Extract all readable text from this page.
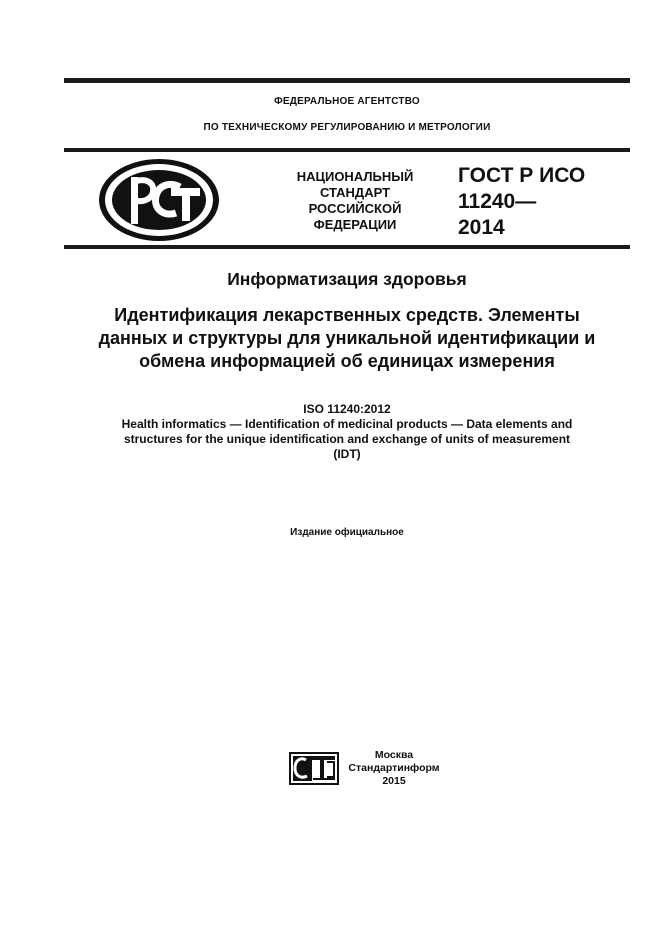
ФЕДЕРАЛЬНОЕ АГЕНТСТВО
ПО ТЕХНИЧЕСКОМУ РЕГУЛИРОВАНИЮ И МЕТРОЛОГИИ
НАЦИОНАЛЬНЫЙ
СТАНДАРТ
РОССИЙСКОЙ
ФЕДЕРАЦИИ
ГОСТ Р ИСО
11240—
2014
Информатизация здоровья
Идентификация лекарственных средств. Элементы
данных и структуры для уникальной идентификации и
обмена информацией об единицах измерения
ISO 11240:2012
Health informatics — Identification of medicinal products — Data elements and
structures for the unique identification and exchange of units of measurement
(IDT)
Издание официальное
Москва
Стандартинформ
2015
